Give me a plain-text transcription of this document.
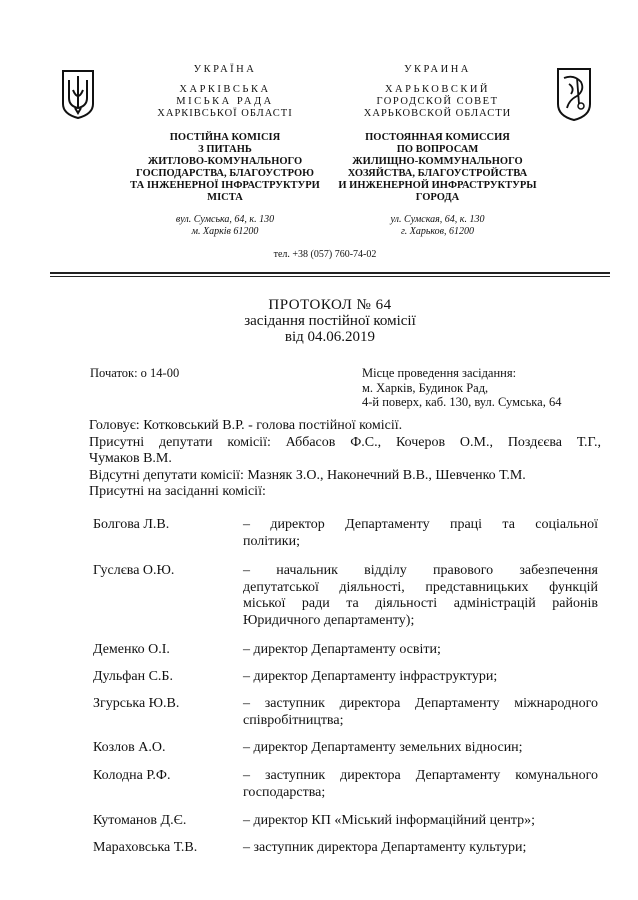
УКРАЇНА
ХАРКІВСЬКА
МІСЬКА РАДА
ХАРКІВСЬКОЇ ОБЛАСТІ
ПОСТІЙНА КОМІСІЯ
З ПИТАНЬ
ЖИТЛОВО-КОМУНАЛЬНОГО
ГОСПОДАРСТВА, БЛАГОУСТРОЮ
ТА ІНЖЕНЕРНОЇ ІНФРАСТРУКТУРИ
МІСТА
вул. Сумська, 64, к. 130
м. Харків 61200
УКРАИНА
ХАРЬКОВСКИЙ
ГОРОДСКОЙ СОВЕТ
ХАРЬКОВСКОЙ ОБЛАСТИ
ПОСТОЯННАЯ КОМИССИЯ
ПО ВОПРОСАМ
ЖИЛИЩНО-КОММУНАЛЬНОГО
ХОЗЯЙСТВА, БЛАГОУСТРОЙСТВА
И ИНЖЕНЕРНОЙ ИНФРАСТРУКТУРЫ
ГОРОДА
ул. Сумская, 64, к. 130
г. Харьков, 61200
тел. +38 (057) 760-74-02
ПРОТОКОЛ № 64
засідання постійної комісії
від 04.06.2019
Початок: о 14-00	Місце проведення засідання:
м. Харків, Будинок Рад,
4-й поверх, каб. 130, вул. Сумська, 64
Головує: Котковський В.Р. - голова постійної комісії.
Присутні депутати комісії: Аббасов Ф.С., Кочеров О.М., Поздєєва Т.Г.,
Чумаков В.М.
Відсутні депутати комісії: Мазняк З.О., Наконечний В.В., Шевченко Т.М.
Присутні на засіданні комісії:
Болгова Л.В.	– директор Департаменту праці та соціальної
політики;
Гуслєва О.Ю.	– начальник відділу правового забезпечення
депутатської діяльності, представницьких функцій
міської ради та діяльності адміністрацій районів
Юридичного департаменту);
Деменко О.І.	– директор Департаменту освіти;
Дульфан С.Б.	– директор Департаменту інфраструктури;
Згурська Ю.В.	– заступник директора Департаменту міжнародного
співробітництва;
Козлов А.О.	– директор Департаменту земельних відносин;
Колодна Р.Ф.	– заступник директора Департаменту комунального
господарства;
Кутоманов Д.Є.	– директор КП «Міський інформаційний центр»;
Мараховська Т.В.	– заступник директора Департаменту культури;
